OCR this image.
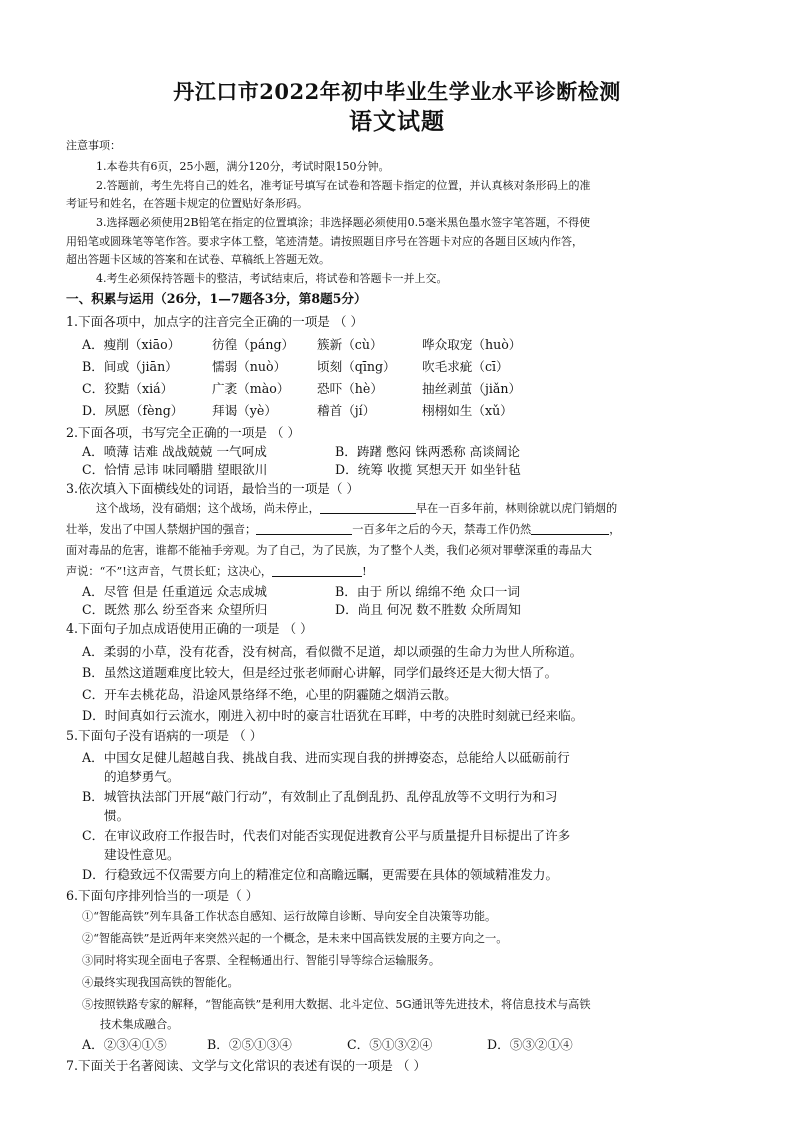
丹江口市2022年初中毕业生学业水平诊断检测
语文试题
注意事项：
1.本卷共有6页，25小题，满分120分，考试时限150分钟。
2.答题前，考生先将自己的姓名，准考证号填写在试卷和答题卡指定的位置，并认真核对条形码上的准
考证号和姓名，在答题卡规定的位置贴好条形码。
3.选择题必须使用2B铅笔在指定的位置填涂；非选择题必须使用0.5毫米黑色墨水签字笔答题，不得使
用铅笔或圆珠笔等笔作答。要求字体工整，笔迹清楚。请按照题目序号在答题卡对应的各题目区域内作答，
超出答题卡区域的答案和在试卷、草稿纸上答题无效。
4.考生必须保持答题卡的整洁，考试结束后，将试卷和答题卡一并上交。
一、积累与运用（26分，1—7题各3分，第8题5分）
1.下面各项中，加点字的注音完全正确的一项是 （ ）
A．瘦削（xiāo）	彷徨（páng）	簇新（cù）	哗众取宠（huò）
B．间或（jiān）	懦弱（nuò）	顷刻（qīng）	吹毛求疵（cī）
C．狡黠（xiá）	广袤（mào）	恐吓（hè）	抽丝剥茧（jiǎn）
D．夙愿（fèng）	拜谒（yè）	稽首（jí）	栩栩如生（xǔ）
2.下面各项，书写完全正确的一项是 （ ）
A．喷薄 诘难 战战兢兢 一气呵成	B．踌躇 憋闷 铢两悉称 高谈阔论
C．恰情 忌讳 味同嚼腊 望眼欲川	D．统筹 收揽 冥想天开 如坐针毡
3.依次填入下面横线处的词语，最恰当的一项是（ ）
这个战场，没有硝烟；这个战场，尚未停止，	早在一百多年前，林则徐就以虎门销烟的
壮举，发出了中国人禁烟护国的强音；	一百多年之后的今天，禁毒工作仍然	，
面对毒品的危害，谁都不能袖手旁观。为了自己，为了民族，为了整个人类，我们必须对罪孽深重的毒品大
声说：“不”!这声音，气贯长虹；这决心，	!
A．尽管 但是 任重道远 众志成城	B．由于 所以 绵绵不绝 众口一词
C．既然 那么 纷至沓来 众望所归	D．尚且 何况 数不胜数 众所周知
4.下面句子加点成语使用正确的一项是 （ ）
A．柔弱的小草，没有花香，没有树高，看似微不足道，却以顽强的生命力为世人所称道。
B．虽然这道题难度比较大，但是经过张老师耐心讲解，同学们最终还是大彻大悟了。
C．开车去桃花岛，沿途风景络绎不绝，心里的阴霾随之烟消云散。
D．时间真如行云流水，刚进入初中时的豪言壮语犹在耳畔，中考的决胜时刻就已经来临。
5.下面句子没有语病的一项是 （ ）
A．中国女足健儿超越自我、挑战自我、进而实现自我的拼搏姿态，总能给人以砥砺前行
的追梦勇气。
B．城管执法部门开展“敲门行动”，有效制止了乱倒乱扔、乱停乱放等不文明行为和习
惯。
C．在审议政府工作报告时，代表们对能否实现促进教育公平与质量提升目标提出了许多
建设性意见。
D．行稳致远不仅需要方向上的精准定位和高瞻远瞩，更需要在具体的领域精准发力。
6.下面句序排列恰当的一项是（ ）
①“智能高铁”列车具备工作状态自感知、运行故障自诊断、导向安全自决策等功能。
②“智能高铁”是近两年来突然兴起的一个概念，是未来中国高铁发展的主要方向之一。
③同时将实现全面电子客票、全程畅通出行、智能引导等综合运输服务。
④最终实现我国高铁的智能化。
⑤按照铁路专家的解释，“智能高铁”是利用大数据、北斗定位、5G通讯等先进技术，将信息技术与高铁
技术集成融合。
A．②③④①⑤	B．②⑤①③④	C．⑤①③②④	D．⑤③②①④
7.下面关于名著阅读、文学与文化常识的表述有误的一项是 （ ）
